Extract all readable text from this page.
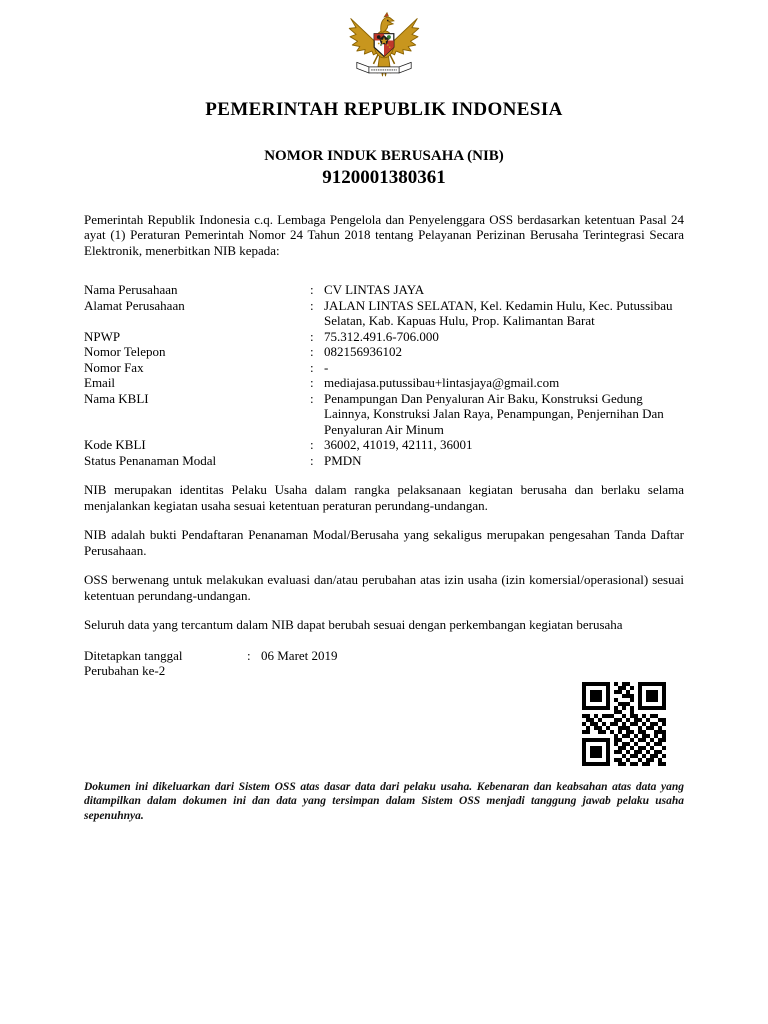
PEMERINTAH REPUBLIK INDONESIA
NOMOR INDUK BERUSAHA (NIB)
9120001380361

Pemerintah Republik Indonesia c.q. Lembaga Pengelola dan Penyelenggara OSS berdasarkan ketentuan Pasal 24 ayat (1) Peraturan Pemerintah Nomor 24 Tahun 2018 tentang Pelayanan Perizinan Berusaha Terintegrasi Secara Elektronik, menerbitkan NIB kepada:

Nama Perusahaan	: CV LINTAS JAYA
Alamat Perusahaan	: JALAN LINTAS SELATAN, Kel. Kedamin Hulu, Kec. Putussibau Selatan, Kab. Kapuas Hulu, Prop. Kalimantan Barat
NPWP	: 75.312.491.6-706.000
Nomor Telepon	: 082156936102
Nomor Fax	: -
Email	: mediajasa.putussibau+lintasjaya@gmail.com
Nama KBLI	: Penampungan Dan Penyaluran Air Baku, Konstruksi Gedung Lainnya, Konstruksi Jalan Raya, Penampungan, Penjernihan Dan Penyaluran Air Minum
Kode KBLI	: 36002, 41019, 42111, 36001
Status Penanaman Modal	: PMDN

NIB merupakan identitas Pelaku Usaha dalam rangka pelaksanaan kegiatan berusaha dan berlaku selama menjalankan kegiatan usaha sesuai ketentuan peraturan perundang-undangan.

NIB adalah bukti Pendaftaran Penanaman Modal/Berusaha yang sekaligus merupakan pengesahan Tanda Daftar Perusahaan.

OSS berwenang untuk melakukan evaluasi dan/atau perubahan atas izin usaha (izin komersial/operasional) sesuai ketentuan perundang-undangan.

Seluruh data yang tercantum dalam NIB dapat berubah sesuai dengan perkembangan kegiatan berusaha

Ditetapkan tanggal	: 06 Maret 2019
Perubahan ke-2

Dokumen ini dikeluarkan dari Sistem OSS atas dasar data dari pelaku usaha. Kebenaran dan keabsahan atas data yang ditampilkan dalam dokumen ini dan data yang tersimpan dalam Sistem OSS menjadi tanggung jawab pelaku usaha sepenuhnya.
